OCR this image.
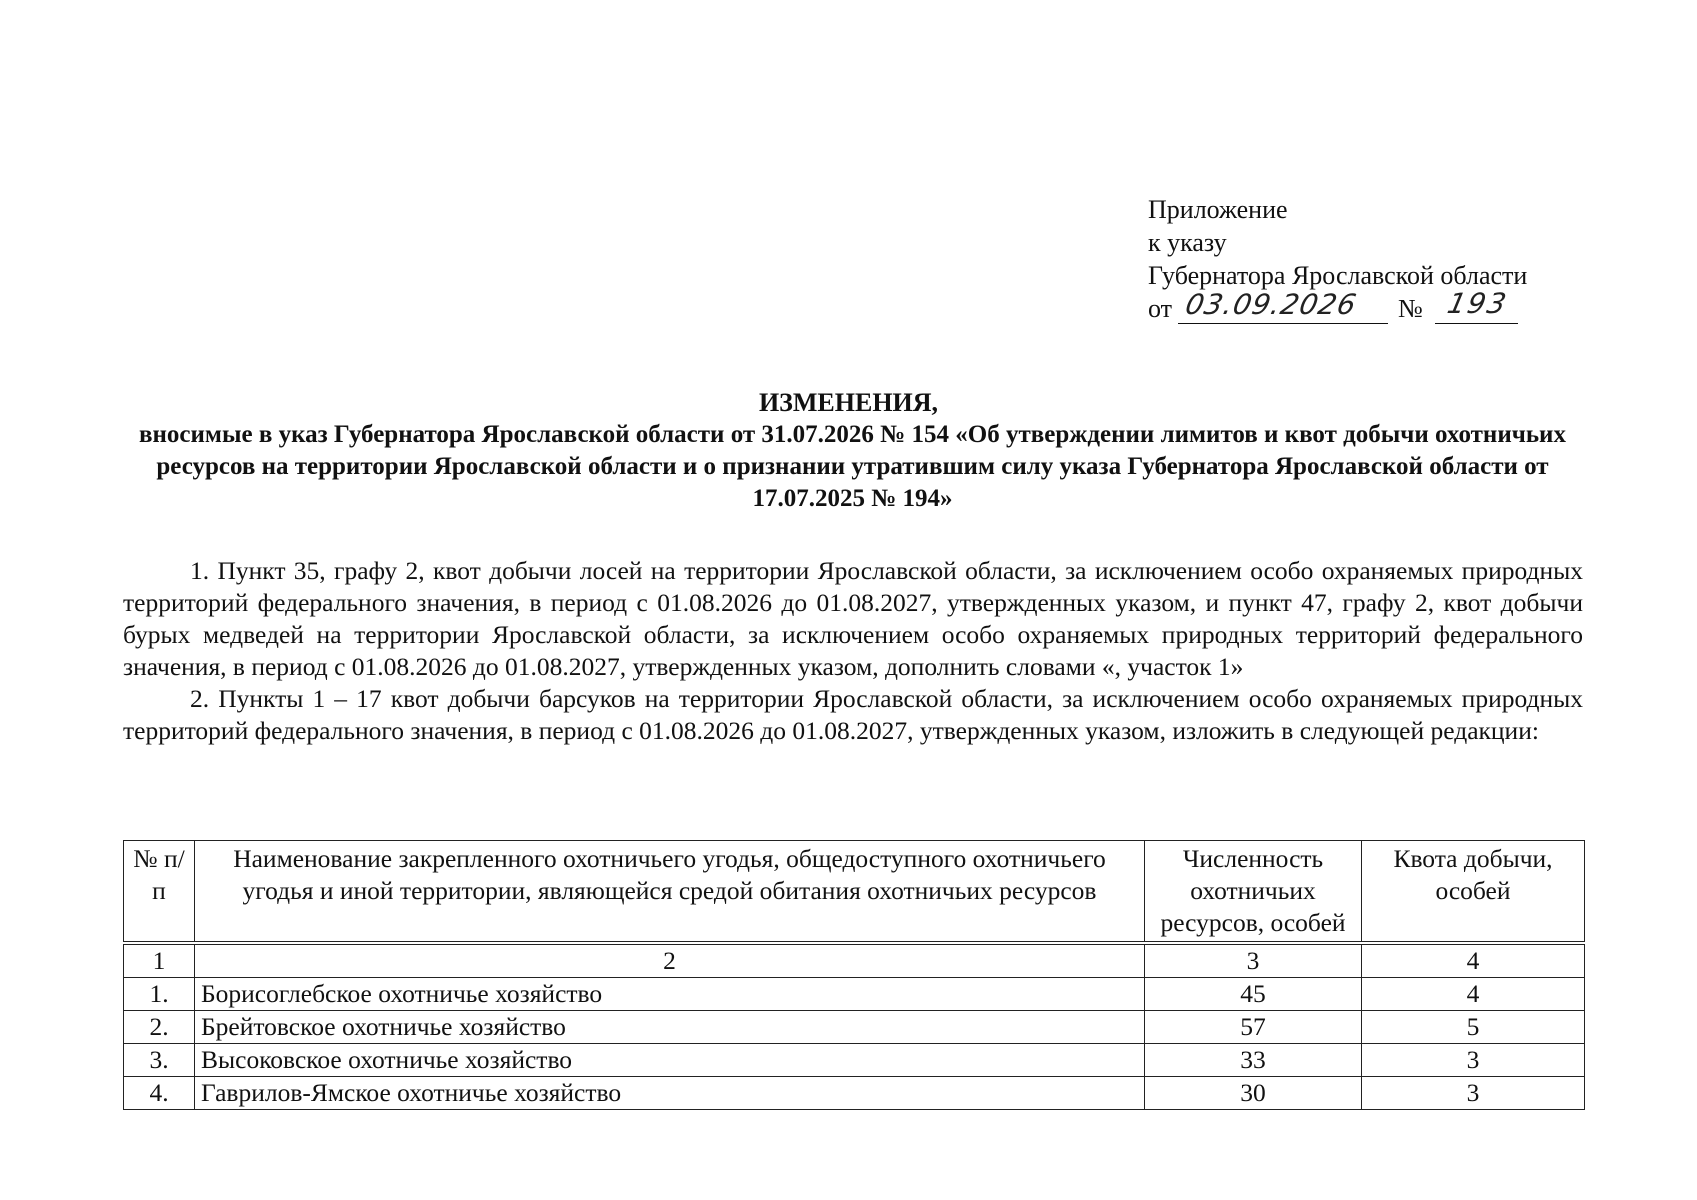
Приложение
к указу
Губернатора Ярославской области
от 03.09.2026 № 193
ИЗМЕНЕНИЯ,
вносимые в указ Губернатора Ярославской области от 31.07.2026 № 154 «Об утверждении лимитов и квот добычи охотничьих ресурсов на территории Ярославской области и о признании утратившим силу указа Губернатора Ярославской области от 17.07.2025 № 194»

1. Пункт 35, графу 2, квот добычи лосей на территории Ярославской области, за исключением особо охраняемых природных территорий федерального значения, в период с 01.08.2026 до 01.08.2027, утвержденных указом, и пункт 47, графу 2, квот добычи бурых медведей на территории Ярославской области, за исключением особо охраняемых природных территорий федерального значения, в период с 01.08.2026 до 01.08.2027, утвержденных указом, дополнить словами «, участок 1»

2. Пункты 1 – 17 квот добычи барсуков на территории Ярославской области, за исключением особо охраняемых природных территорий федерального значения, в период с 01.08.2026 до 01.08.2027, утвержденных указом, изложить в следующей редакции:

№ п/п	Наименование закрепленного охотничьего угодья, общедоступного охотничьего угодья и иной территории, являющейся средой обитания охотничьих ресурсов	Численность охотничьих ресурсов, особей	Квота добычи, особей
1	2	3	4
1.	Борисоглебское охотничье хозяйство	45	4
2.	Брейтовское охотничье хозяйство	57	5
3.	Высоковское охотничье хозяйство	33	3
4.	Гаврилов-Ямское охотничье хозяйство	30	3
